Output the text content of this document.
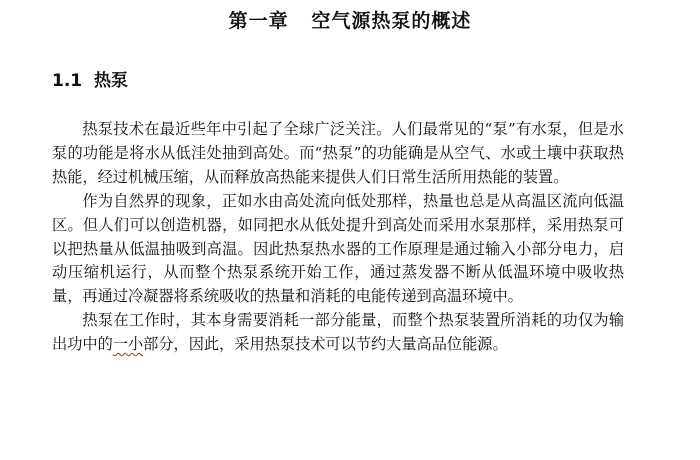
第一章   空气源热泵的概述
1.1 热泵

热泵技术在最近些年中引起了全球广泛关注。人们最常见的“泵”有水泵，但是水泵的功能是将水从低洼处抽到高处。而“热泵”的功能确是从空气、水或土壤中获取热热能，经过机械压缩，从而释放高热能来提供人们日常生活所用热能的装置。

作为自然界的现象，正如水由高处流向低处那样，热量也总是从高温区流向低温区。但人们可以创造机器，如同把水从低处提升到高处而采用水泵那样，采用热泵可以把热量从低温抽吸到高温。因此热泵热水器的工作原理是通过输入小部分电力，启动压缩机运行，从而整个热泵系统开始工作，通过蒸发器不断从低温环境中吸收热量，再通过冷凝器将系统吸收的热量和消耗的电能传递到高温环境中。

热泵在工作时，其本身需要消耗一部分能量，而整个热泵装置所消耗的功仅为输出功中的一小部分，因此，采用热泵技术可以节约大量高品位能源。
